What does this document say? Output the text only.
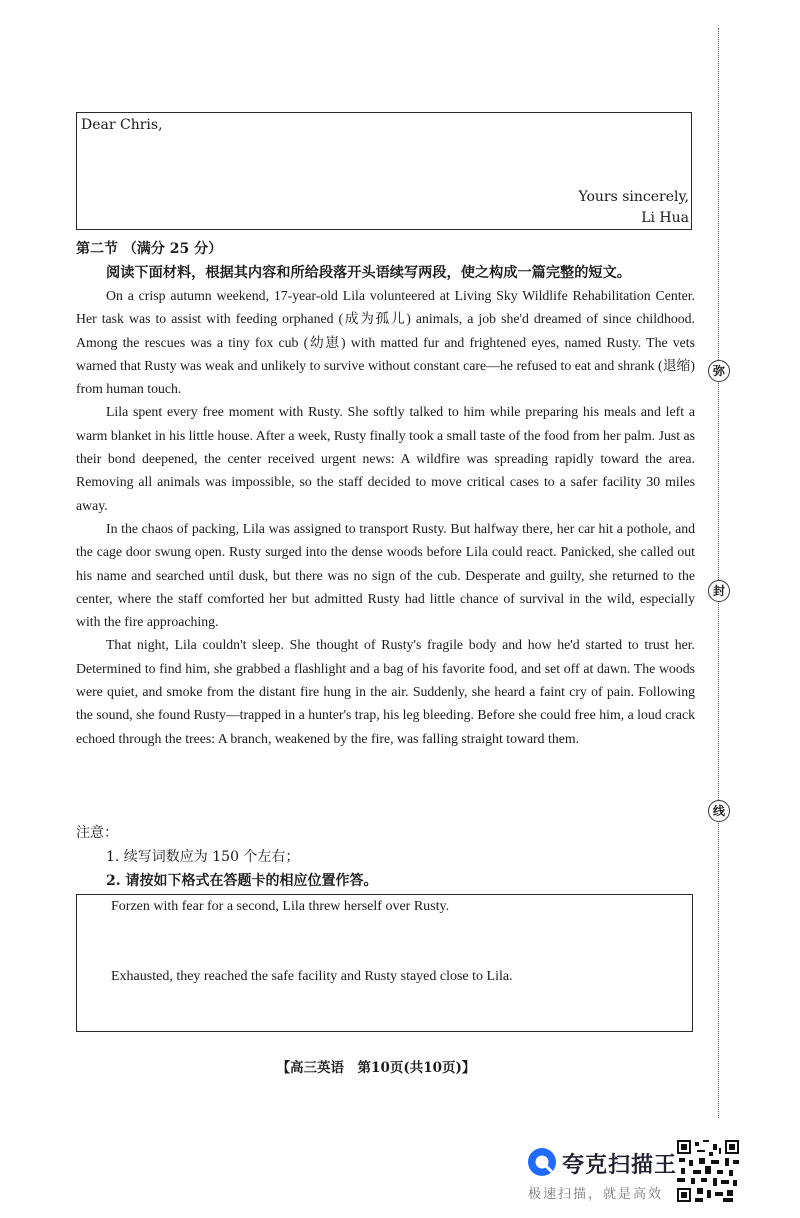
Dear Chris,
Yours sincerely,
Li Hua
第二节 （满分 25 分）
阅读下面材料，根据其内容和所给段落开头语续写两段，使之构成一篇完整的短文。

On a crisp autumn weekend, 17-year-old Lila volunteered at Living Sky Wildlife Rehabilitation Center. Her task was to assist with feeding orphaned (成为孤儿) animals, a job she'd dreamed of since childhood. Among the rescues was a tiny fox cub (幼崽) with matted fur and frightened eyes, named Rusty. The vets warned that Rusty was weak and unlikely to survive without constant care—he refused to eat and shrank (退缩) from human touch.

Lila spent every free moment with Rusty. She softly talked to him while preparing his meals and left a warm blanket in his little house. After a week, Rusty finally took a small taste of the food from her palm. Just as their bond deepened, the center received urgent news: A wildfire was spreading rapidly toward the area. Removing all animals was impossible, so the staff decided to move critical cases to a safer facility 30 miles away.

In the chaos of packing, Lila was assigned to transport Rusty. But halfway there, her car hit a pothole, and the cage door swung open. Rusty surged into the dense woods before Lila could react. Panicked, she called out his name and searched until dusk, but there was no sign of the cub. Desperate and guilty, she returned to the center, where the staff comforted her but admitted Rusty had little chance of survival in the wild, especially with the fire approaching.

That night, Lila couldn't sleep. She thought of Rusty's fragile body and how he'd started to trust her. Determined to find him, she grabbed a flashlight and a bag of his favorite food, and set off at dawn. The woods were quiet, and smoke from the distant fire hung in the air. Suddenly, she heard a faint cry of pain. Following the sound, she found Rusty—trapped in a hunter's trap, his leg bleeding. Before she could free him, a loud crack echoed through the trees: A branch, weakened by the fire, was falling straight toward them.

注意：
1. 续写词数应为 150 个左右；
2. 请按如下格式在答题卡的相应位置作答。
Forzen with fear for a second, Lila threw herself over Rusty.
Exhausted, they reached the safe facility and Rusty stayed close to Lila.
【高三英语　第10页(共10页)】
弥
封
线
夸克扫描王
极速扫描，就是高效
